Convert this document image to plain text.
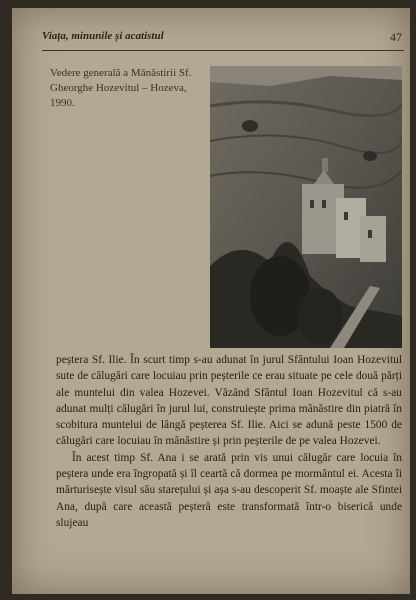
Viața, minunile și acatistul	47
Vedere generală a Mănăstirii Sf. Gheorghe Hozevitul – Hozeva, 1990.

peștera Sf. Ilie. În scurt timp s-au adunat în jurul Sfântului Ioan Hozevitul sute de călugări care locuiau prin peșterile ce erau situate pe cele două părți ale muntelui din valea Hozevei. Văzând Sfântul Ioan Hozevitul că s-au adunat mulți călugări în jurul lui, construiește prima mânăstire din piatră în scobitura muntelui de lângă peșterea Sf. Ilie. Aici se adună peste 1500 de călugări care locuiau în mânăstire și prin peșterile de pe valea Hozevei.

În acest timp Sf. Ana i se arată prin vis unui călugăr care locuia în peștera unde era îngropată și îl ceartă că dormea pe mormântul ei. Acesta îi mărturisește visul său starețului și așa s-au descoperit Sf. moaște ale Sfintei Ana, după care această peșteră este transformată într-o biserică unde slujeau
